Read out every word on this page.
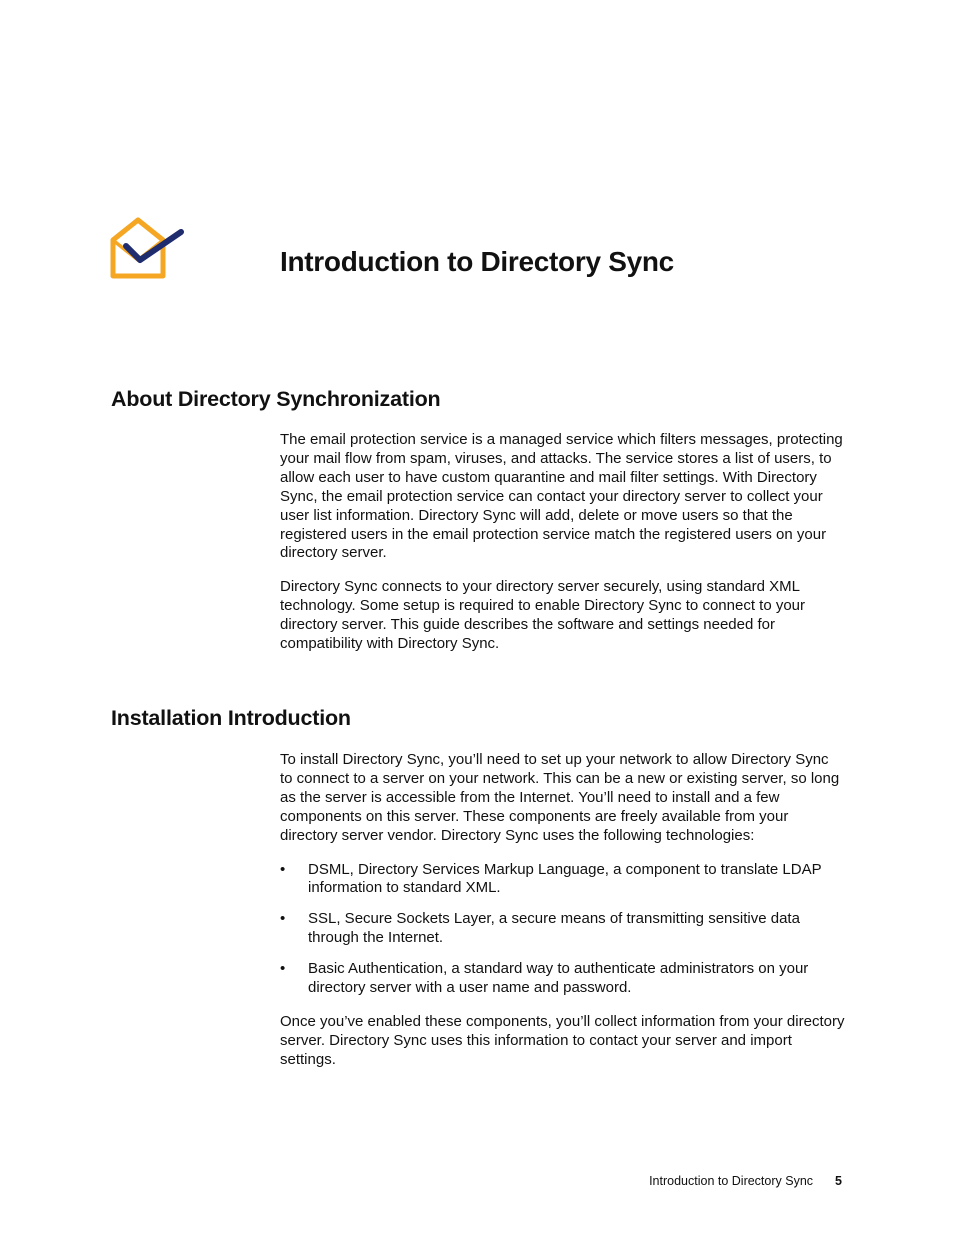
Introduction to Directory Sync
About Directory Synchronization

The email protection service is a managed service which filters messages, protecting your mail flow from spam, viruses, and attacks. The service stores a list of users, to allow each user to have custom quarantine and mail filter settings. With Directory Sync, the email protection service can contact your directory server to collect your user list information. Directory Sync will add, delete or move users so that the registered users in the email protection service match the registered users on your directory server.

Directory Sync connects to your directory server securely, using standard XML technology. Some setup is required to enable Directory Sync to connect to your directory server. This guide describes the software and settings needed for compatibility with Directory Sync.

Installation Introduction

To install Directory Sync, you’ll need to set up your network to allow Directory Sync to connect to a server on your network. This can be a new or existing server, so long as the server is accessible from the Internet. You’ll need to install and a few components on this server. These components are freely available from your directory server vendor. Directory Sync uses the following technologies:

• DSML, Directory Services Markup Language, a component to translate LDAP information to standard XML.
• SSL, Secure Sockets Layer, a secure means of transmitting sensitive data through the Internet.
• Basic Authentication, a standard way to authenticate administrators on your directory server with a user name and password.

Once you’ve enabled these components, you’ll collect information from your directory server. Directory Sync uses this information to contact your server and import settings.

Introduction to Directory Sync 5
